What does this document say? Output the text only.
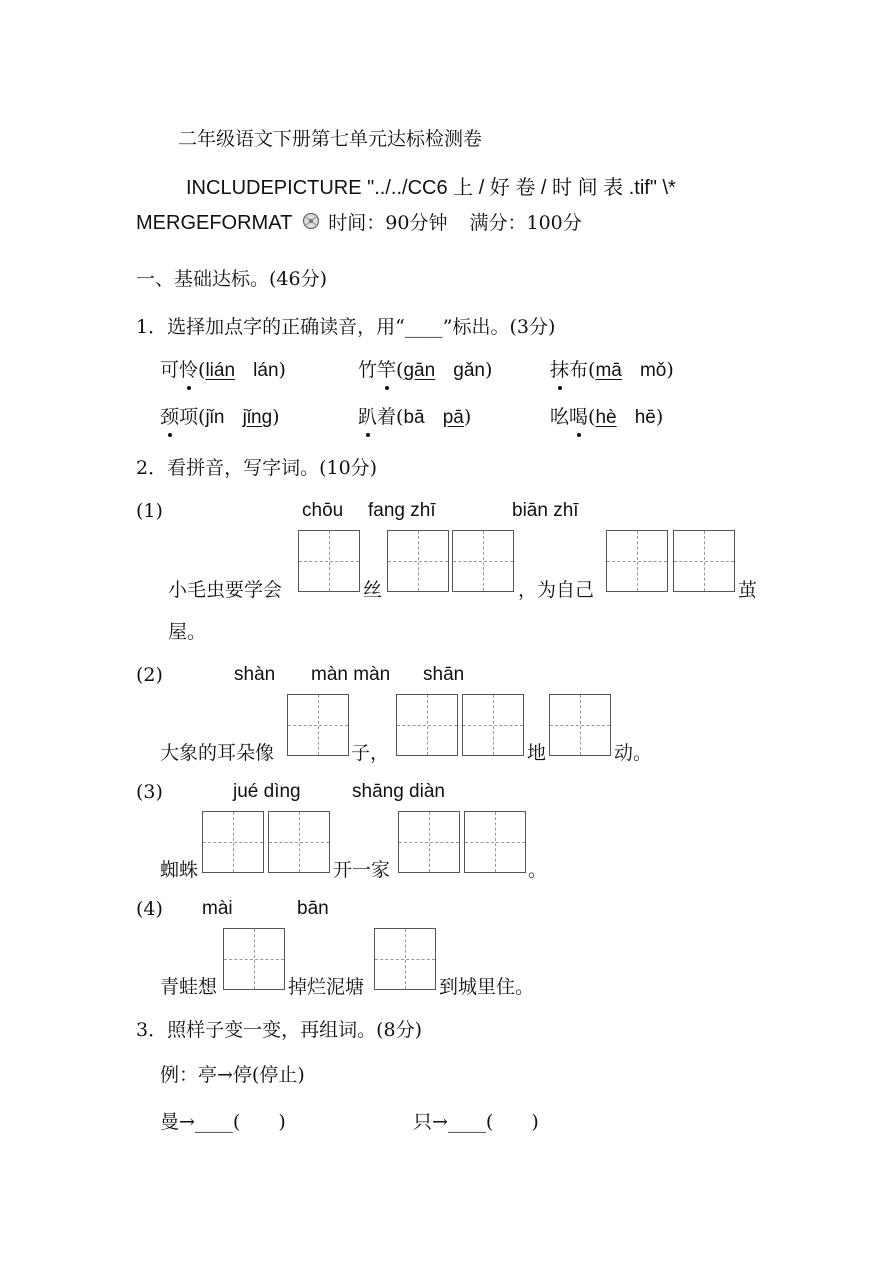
二年级语文下册第七单元达标检测卷
INCLUDEPICTURE "../../CC6 上 / 好 卷 / 时 间 表 .tif" \*
MERGEFORMAT 时间：90分钟 满分：100分
一、基础达标。(46分)
1．选择加点字的正确读音，用“____”标出。(3分)
可怜(lián lán)	竹竿(gān gǎn)	抹布(mā mǒ)
颈项(jǐn jǐng)	趴着(bā pā)	吆喝(hè hē)
2．看拼音，写字词。(10分)
(1)	chōu fang zhī	biān zhī
小毛虫要学会	丝	，为自己	茧
屋。
(2)	shàn màn màn shān
大象的耳朵像	子，	地	动。
(3)	jué dìng	shāng diàn
蜘蛛	开一家	。
(4) mài	bān
青蛙想	掉烂泥塘	到城里住。
3．照样子变一变，再组词。(8分)
例：亭→停(停止)
曼→____(　　)	只→____(　　)
